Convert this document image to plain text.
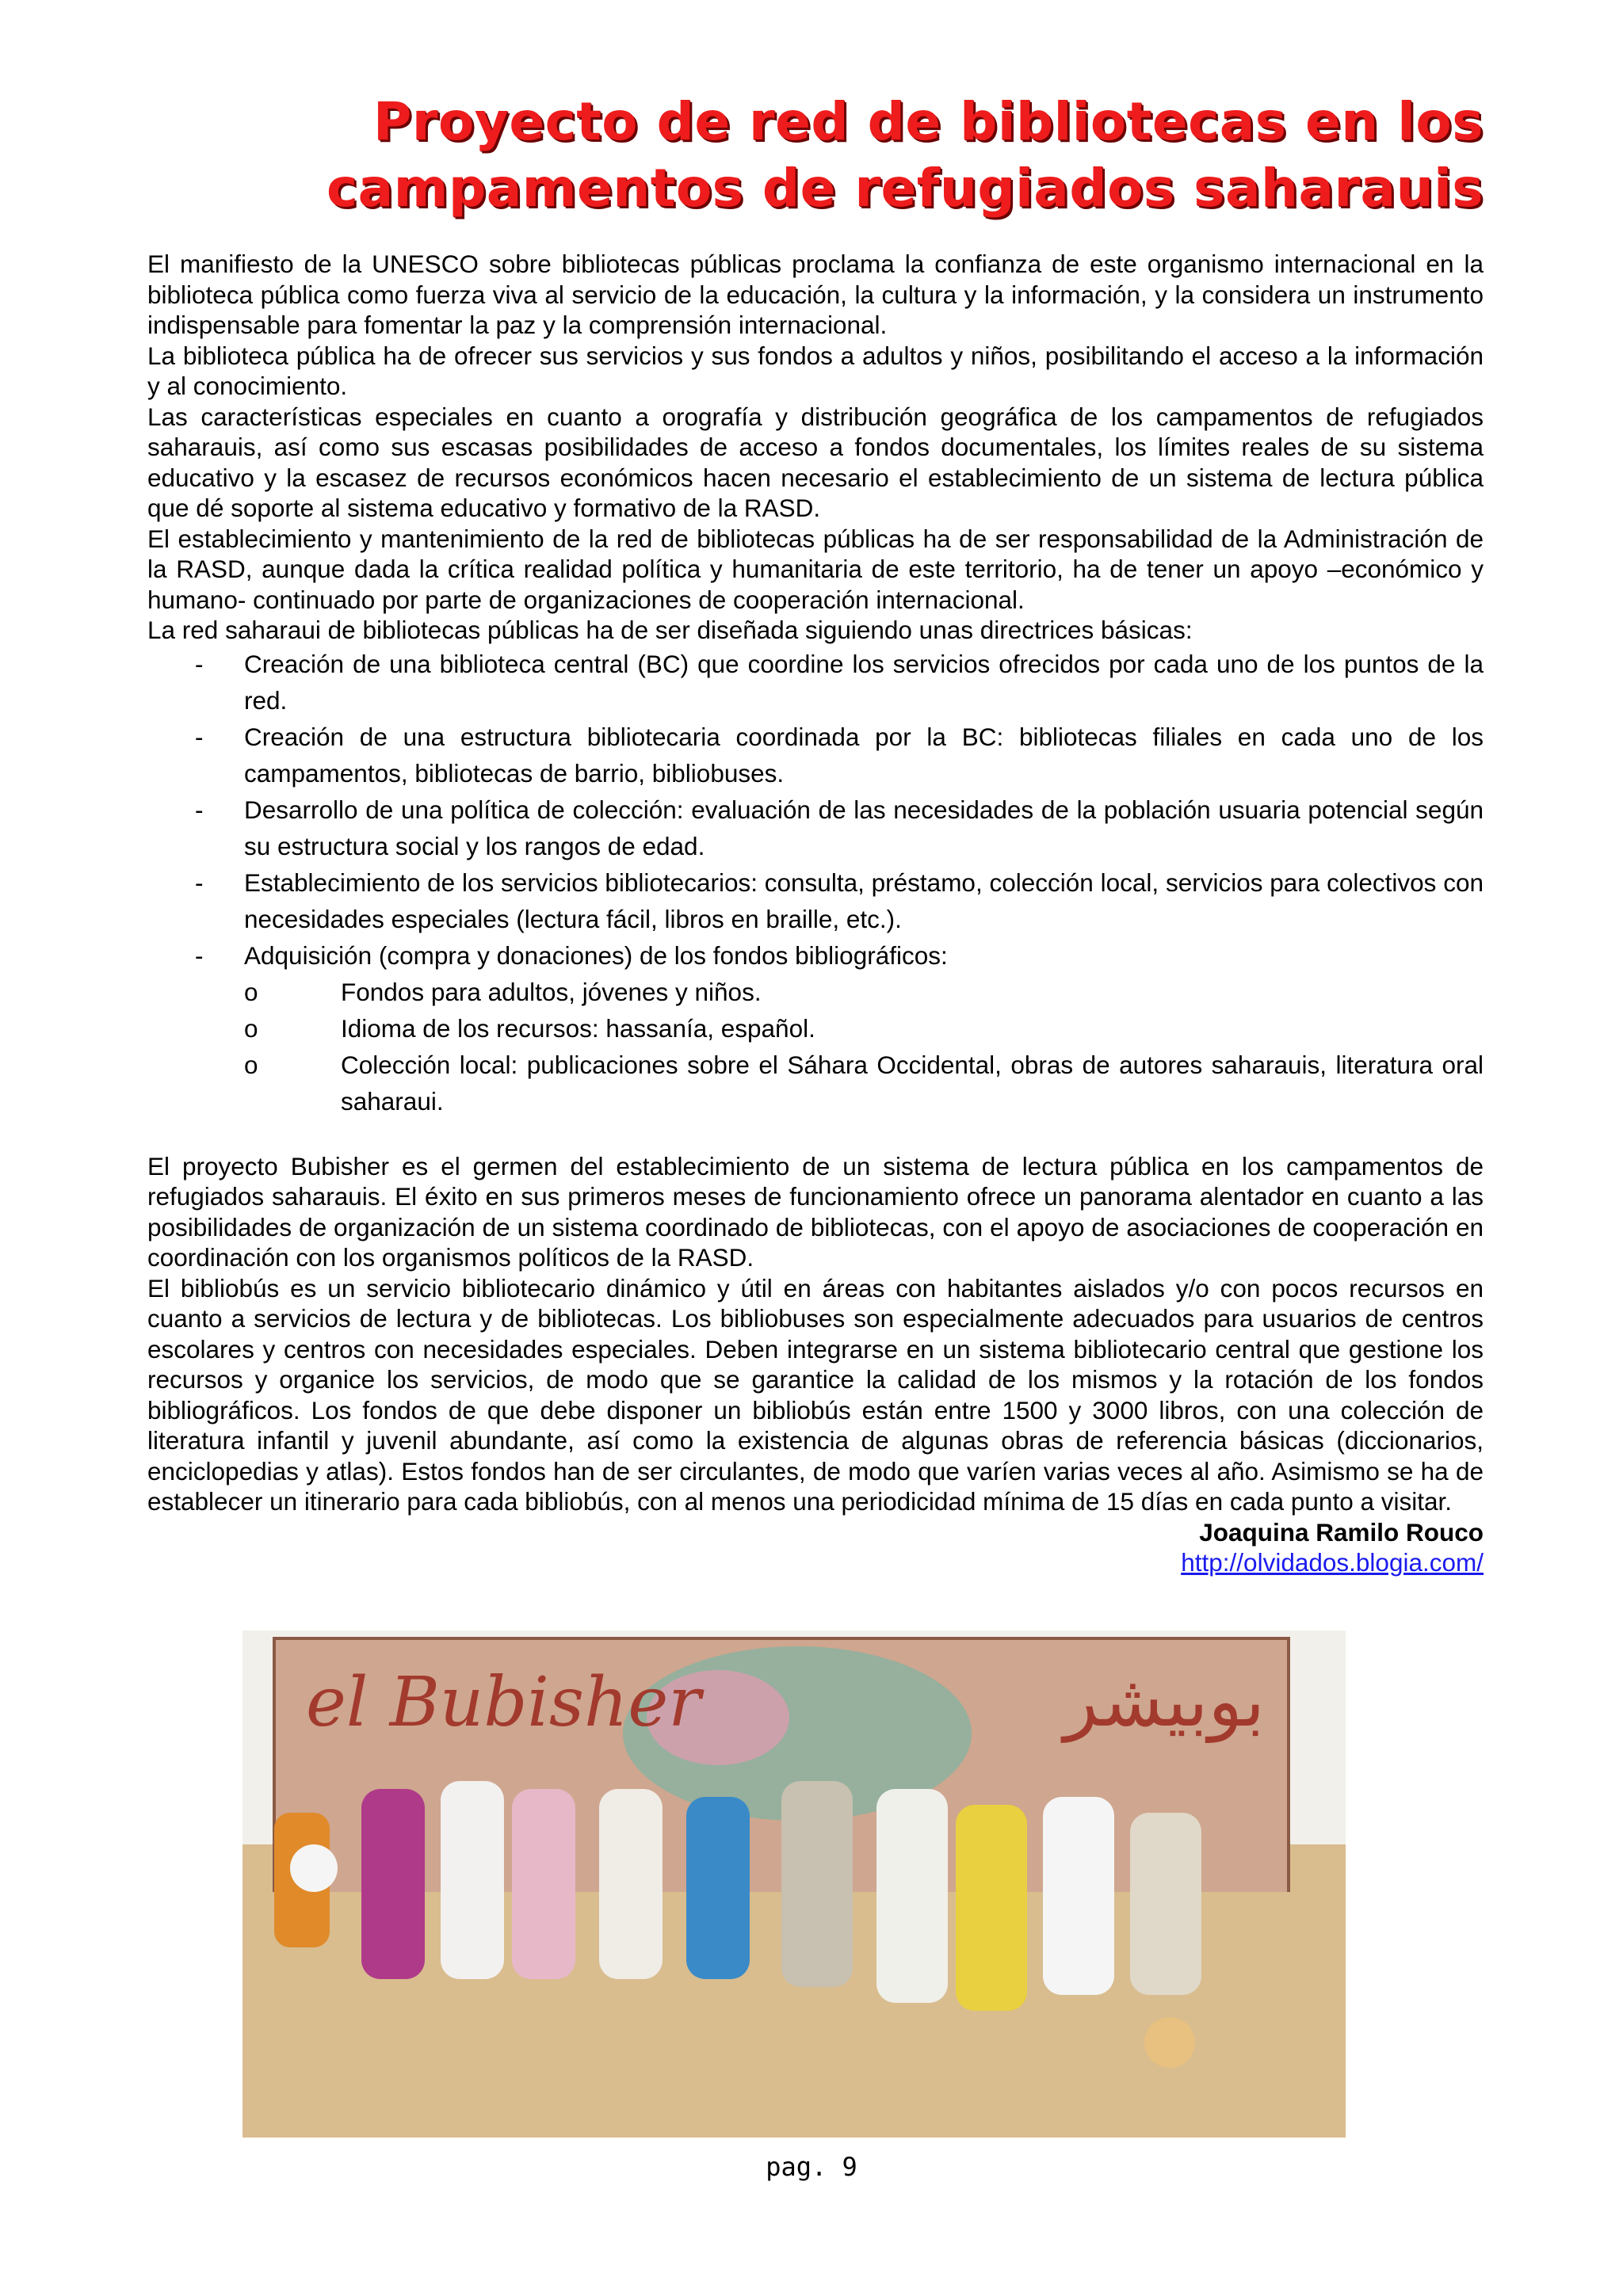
Proyecto de red de bibliotecas en los
campamentos de refugiados saharauis

El manifiesto de la UNESCO sobre bibliotecas públicas proclama la confianza de este organismo internacional en la biblioteca pública como fuerza viva al servicio de la educación, la cultura y la información, y la considera un instrumento indispensable para fomentar la paz y la comprensión internacional.

La biblioteca pública ha de ofrecer sus servicios y sus fondos a adultos y niños, posibilitando el acceso a la información y al conocimiento.

Las características especiales en cuanto a orografía y distribución geográfica de los campamentos de refugiados saharauis, así como sus escasas posibilidades de acceso a fondos documentales, los límites reales de su sistema educativo y la escasez de recursos económicos hacen necesario el establecimiento de un sistema de lectura pública que dé soporte al sistema educativo y formativo de la RASD.

El establecimiento y mantenimiento de la red de bibliotecas públicas ha de ser responsabilidad de la Administración de la RASD, aunque dada la crítica realidad política y humanitaria de este territorio, ha de tener un apoyo –económico y humano- continuado por parte de organizaciones de cooperación internacional.

La red saharaui de bibliotecas públicas ha de ser diseñada siguiendo unas directrices básicas:

- Creación de una biblioteca central (BC) que coordine los servicios ofrecidos por cada uno de los puntos de la red.
- Creación de una estructura bibliotecaria coordinada por la BC: bibliotecas filiales en cada uno de los campamentos, bibliotecas de barrio, bibliobuses.
- Desarrollo de una política de colección: evaluación de las necesidades de la población usuaria potencial según su estructura social y los rangos de edad.
- Establecimiento de los servicios bibliotecarios: consulta, préstamo, colección local, servicios para colectivos con necesidades especiales (lectura fácil, libros en braille, etc.).
- Adquisición (compra y donaciones) de los fondos bibliográficos:
o	Fondos para adultos, jóvenes y niños.
o	Idioma de los recursos: hassanía, español.
o	Colección local: publicaciones sobre el Sáhara Occidental, obras de autores saharauis, literatura oral saharaui.

El proyecto Bubisher es el germen del establecimiento de un sistema de lectura pública en los campamentos de refugiados saharauis. El éxito en sus primeros meses de funcionamiento ofrece un panorama alentador en cuanto a las posibilidades de organización de un sistema coordinado de bibliotecas, con el apoyo de asociaciones de cooperación en coordinación con los organismos políticos de la RASD.

El bibliobús es un servicio bibliotecario dinámico y útil en áreas con habitantes aislados y/o con pocos recursos en cuanto a servicios de lectura y de bibliotecas. Los bibliobuses son especialmente adecuados para usuarios de centros escolares y centros con necesidades especiales. Deben integrarse en un sistema bibliotecario central que gestione los recursos y organice los servicios, de modo que se garantice la calidad de los mismos y la rotación de los fondos bibliográficos. Los fondos de que debe disponer un bibliobús están entre 1500 y 3000 libros, con una colección de literatura infantil y juvenil abundante, así como la existencia de algunas obras de referencia básicas (diccionarios, enciclopedias y atlas). Estos fondos han de ser circulantes, de modo que varíen varias veces al año. Asimismo se ha de establecer un itinerario para cada bibliobús, con al menos una periodicidad mínima de 15 días en cada punto a visitar.

Joaquina Ramilo Rouco

http://olvidados.blogia.com/

el Bubisher	بوبيشر
pag. 9
